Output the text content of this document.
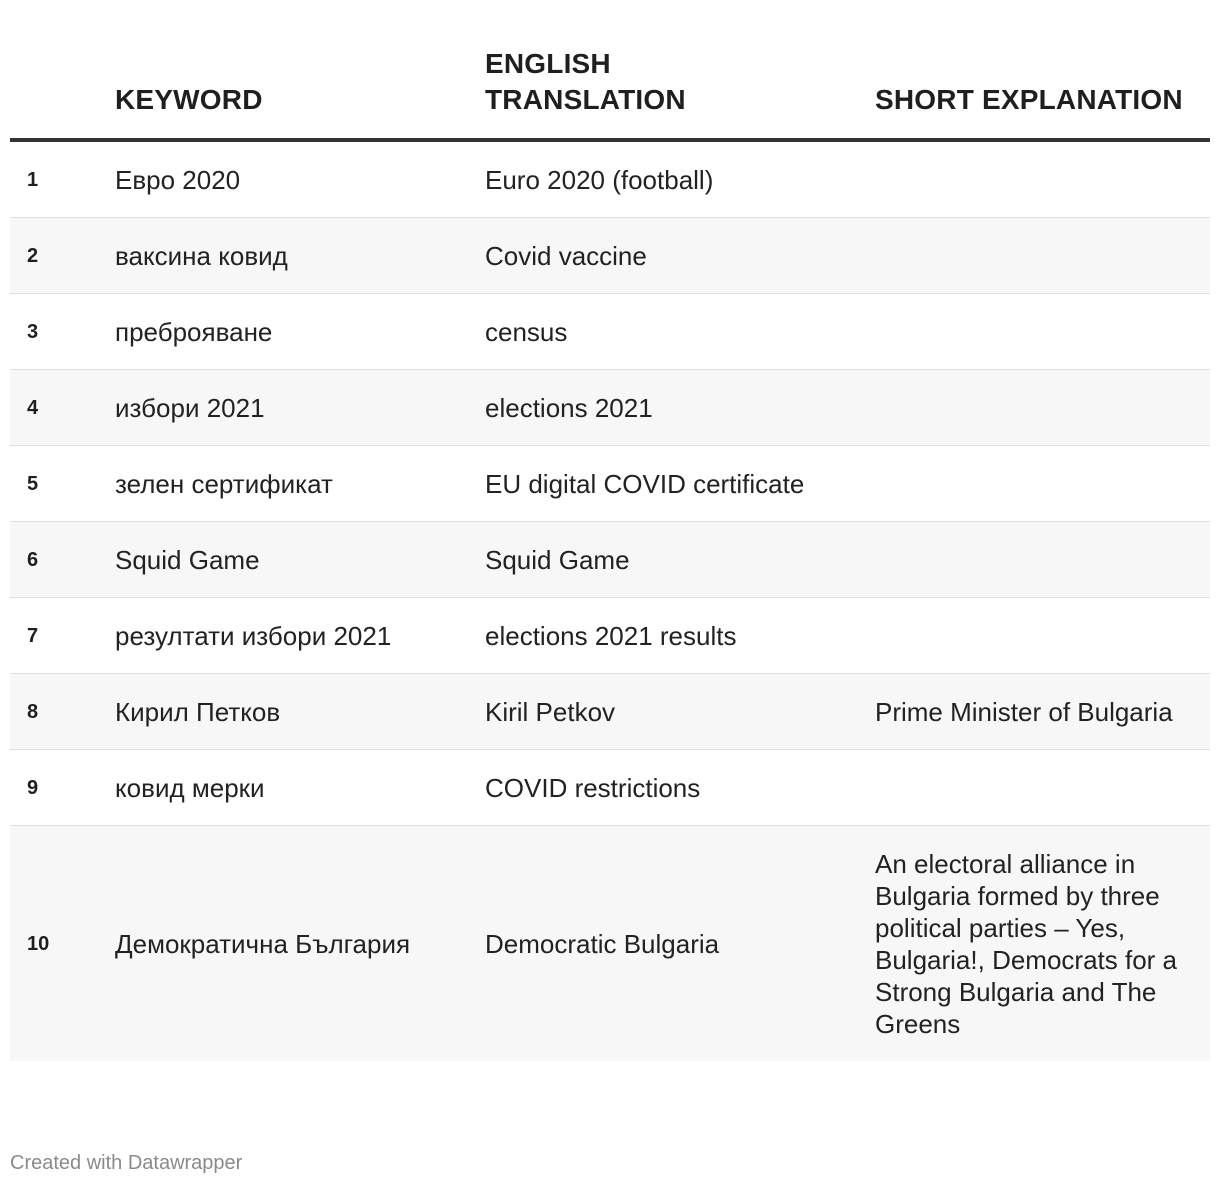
	KEYWORD	ENGLISH TRANSLATION	SHORT EXPLANATION
1	Евро 2020	Euro 2020 (football)	
2	ваксина ковид	Covid vaccine	
3	преброяване	census	
4	избори 2021	elections 2021	
5	зелен сертификат	EU digital COVID certificate	
6	Squid Game	Squid Game	
7	резултати избори 2021	elections 2021 results	
8	Кирил Петков	Kiril Petkov	Prime Minister of Bulgaria
9	ковид мерки	COVID restrictions	
10	Демократична България	Democratic Bulgaria	An electoral alliance in Bulgaria formed by three political parties – Yes, Bulgaria!, Democrats for a Strong Bulgaria and The Greens
Created with Datawrapper
